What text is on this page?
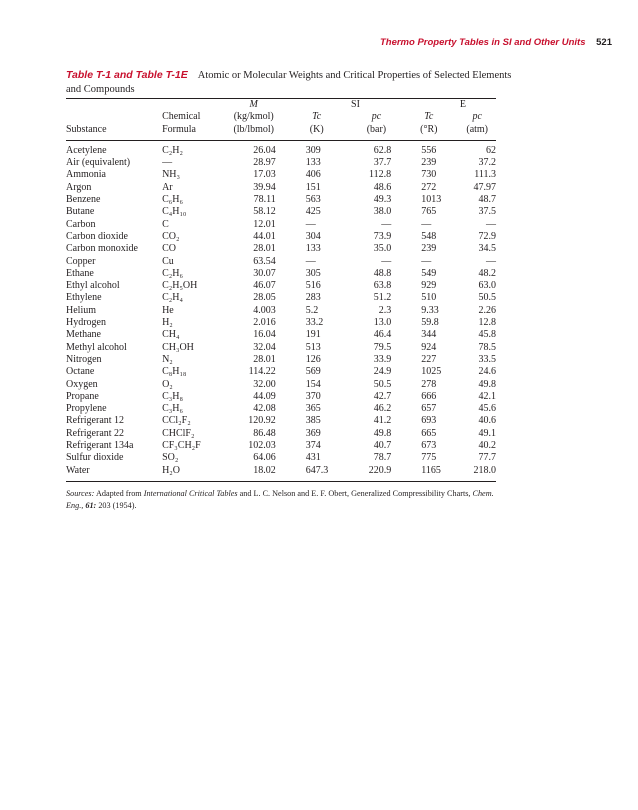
Thermo Property Tables in SI and Other Units 521
Table T-1 and Table T-1E Atomic or Molecular Weights and Critical Properties of Selected Elements and Compounds

		M	SI		E	
	Chemical	(kg/kmol)	Tc	pc	Tc	pc
Substance	Formula	(lb/lbmol)	(K)	(bar)	(°R)	(atm)
Acetylene	C₂H₂	26.04	309	62.8	556	62
Air (equivalent)	—	28.97	133	37.7	239	37.2
Ammonia	NH₃	17.03	406	112.8	730	111.3
Argon	Ar	39.94	151	48.6	272	47.97
Benzene	C₆H₆	78.11	563	49.3	1013	48.7
Butane	C₄H₁₀	58.12	425	38.0	765	37.5
Carbon	C	12.01	—	—	—	—
Carbon dioxide	CO₂	44.01	304	73.9	548	72.9
Carbon monoxide	CO	28.01	133	35.0	239	34.5
Copper	Cu	63.54	—	—	—	—
Ethane	C₂H₆	30.07	305	48.8	549	48.2
Ethyl alcohol	C₂H₅OH	46.07	516	63.8	929	63.0
Ethylene	C₂H₄	28.05	283	51.2	510	50.5
Helium	He	4.003	5.2	2.3	9.33	2.26
Hydrogen	H₂	2.016	33.2	13.0	59.8	12.8
Methane	CH₄	16.04	191	46.4	344	45.8
Methyl alcohol	CH₃OH	32.04	513	79.5	924	78.5
Nitrogen	N₂	28.01	126	33.9	227	33.5
Octane	C₈H₁₈	114.22	569	24.9	1025	24.6
Oxygen	O₂	32.00	154	50.5	278	49.8
Propane	C₃H₈	44.09	370	42.7	666	42.1
Propylene	C₃H₆	42.08	365	46.2	657	45.6
Refrigerant 12	CCl₂F₂	120.92	385	41.2	693	40.6
Refrigerant 22	CHClF₂	86.48	369	49.8	665	49.1
Refrigerant 134a	CF₃CH₂F	102.03	374	40.7	673	40.2
Sulfur dioxide	SO₂	64.06	431	78.7	775	77.7
Water	H₂O	18.02	647.3	220.9	1165	218.0
Sources: Adapted from International Critical Tables and L. C. Nelson and E. F. Obert, Generalized Compressibility Charts, Chem. Eng., 61: 203 (1954).
